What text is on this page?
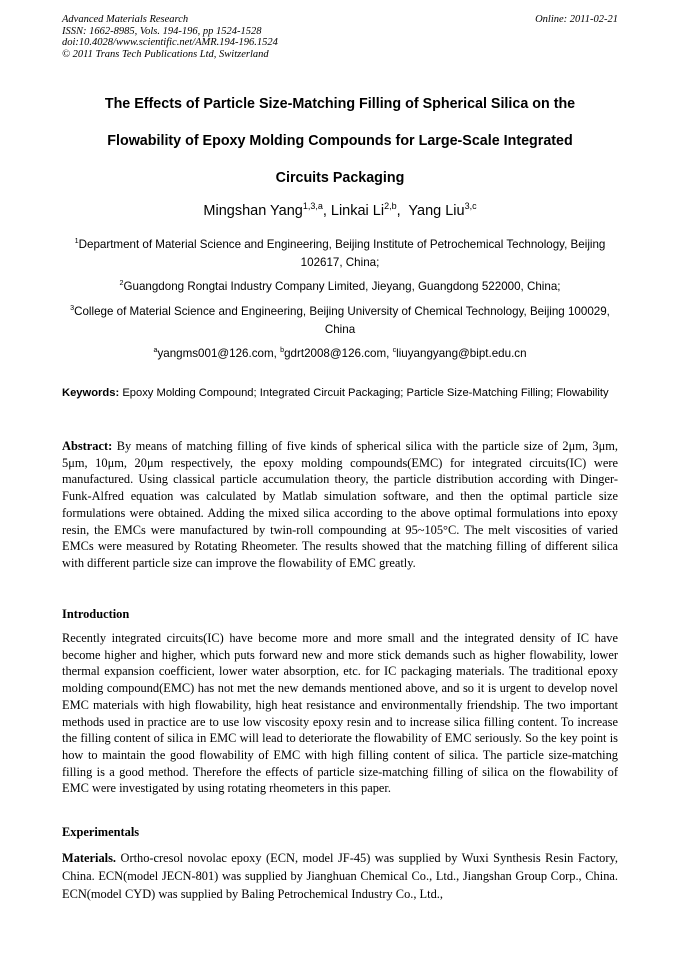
Advanced Materials Research
ISSN: 1662-8985, Vols. 194-196, pp 1524-1528
doi:10.4028/www.scientific.net/AMR.194-196.1524
© 2011 Trans Tech Publications Ltd, Switzerland
Online: 2011-02-21
The Effects of Particle Size-Matching Filling of Spherical Silica on the
Flowability of Epoxy Molding Compounds for Large-Scale Integrated
Circuits Packaging
Mingshan Yang$^{1,3,a}$, Linkai Li$^{2,b}$,  Yang Liu$^{3,c}$
$^1$Department of Material Science and Engineering, Beijing Institute of Petrochemical Technology, Beijing 102617, China;
$^2$Guangdong Rongtai Industry Company Limited, Jieyang, Guangdong 522000, China;
$^3$College of Material Science and Engineering, Beijing University of Chemical Technology, Beijing 100029, China
$^a$yangms001@126.com, $^b$gdrt2008@126.com, $^c$liuyangyang@bipt.edu.cn
Keywords: Epoxy Molding Compound; Integrated Circuit Packaging; Particle Size-Matching Filling; Flowability
Abstract: By means of matching filling of five kinds of spherical silica with the particle size of 2μm, 3μm, 5μm, 10μm, 20μm respectively, the epoxy molding compounds(EMC) for integrated circuits(IC) were manufactured. Using classical particle accumulation theory, the particle distribution according with Dinger-Funk-Alfred equation was calculated by Matlab simulation software, and then the optimal particle size formulations were obtained. Adding the mixed silica according to the above optimal formulations into epoxy resin, the EMCs were manufactured by twin-roll compounding at 95~105°C. The melt viscosities of varied EMCs were measured by Rotating Rheometer. The results showed that the matching filling of different silica with different particle size can improve the flowability of EMC greatly.
Introduction
Recently integrated circuits(IC) have become more and more small and the integrated density of IC have become higher and higher, which puts forward new and more stick demands such as higher flowability, lower thermal expansion coefficient, lower water absorption, etc. for IC packaging materials. The traditional epoxy molding compound(EMC) has not met the new demands mentioned above, and so it is urgent to develop novel EMC materials with high flowability, high heat resistance and environmentally friendship. The two important methods used in practice are to use low viscosity epoxy resin and to increase silica filling content. To increase the filling content of silica in EMC will lead to deteriorate the flowability of EMC seriously. So the key point is how to maintain the good flowability of EMC with high filling content of silica. The particle size-matching filling is a good method. Therefore the effects of particle size-matching filling of silica on the flowability of EMC were investigated by using rotating rheometers in this paper.
Experimentals
Materials. Ortho-cresol novolac epoxy (ECN, model JF-45) was supplied by Wuxi Synthesis Resin Factory, China. ECN(model JECN-801) was supplied by Jianghuan Chemical Co., Ltd., Jiangshan Group Corp., China. ECN(model CYD) was supplied by Baling Petrochemical Industry Co., Ltd.,
